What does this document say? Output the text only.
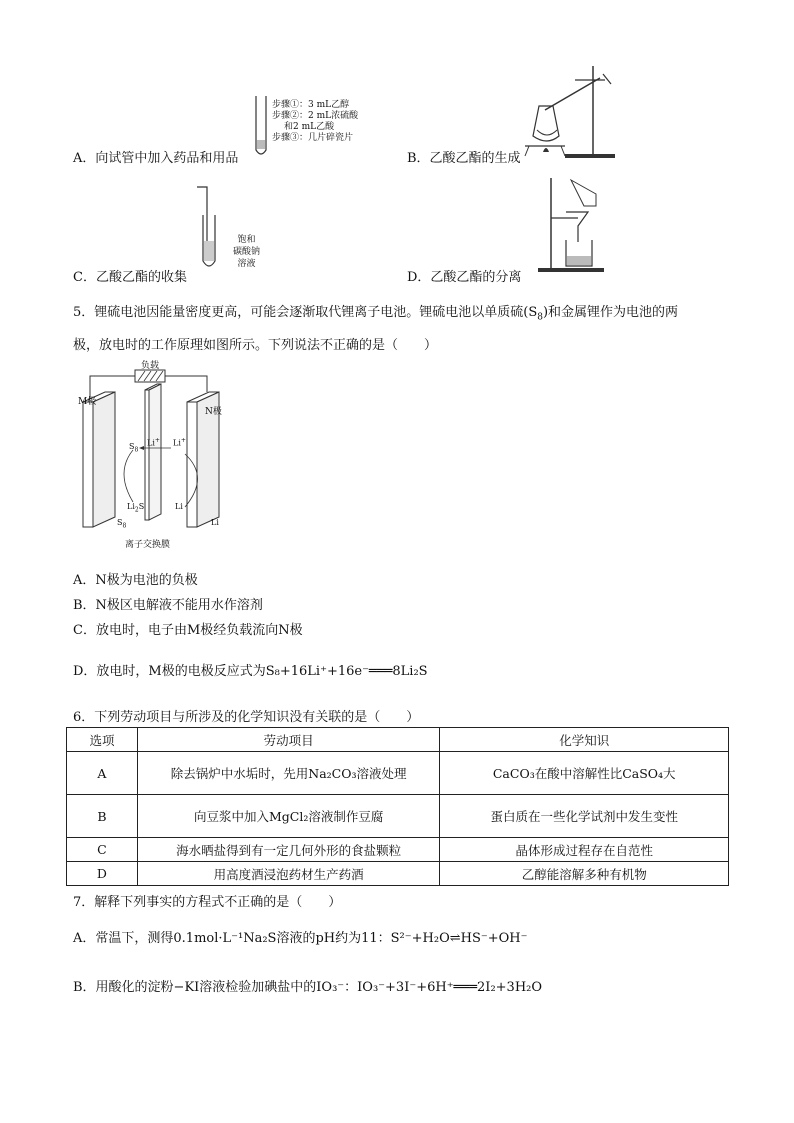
步骤①：3 mL乙醇
步骤②：2 mL浓硫酸
和2 mL乙酸
步骤③：几片碎瓷片
A．向试管中加入药品和用品	B．乙酸乙酯的生成
饱和
碳酸钠
溶液
C．乙酸乙酯的收集	D．乙酸乙酯的分离
5．锂硫电池因能量密度更高，可能会逐渐取代锂离子电池。锂硫电池以单质硫$(S_8)$和金属锂作为电池的两
极，放电时的工作原理如图所示。下列说法不正确的是（　　）
M极
N极
负载
$S_8$
Li+ Li+
$Li_2S$	Li
$S_8$	Li
离子交换膜
A．N极为电池的负极
B．N极区电解液不能用水作溶剂
C．放电时，电子由M极经负载流向N极
D．放电时，M极的电极反应式为S₈+16Li⁺+16e⁻═══8Li₂S
6．下列劳动项目与所涉及的化学知识没有关联的是（　　）
选项	劳动项目	化学知识
A	除去锅炉中水垢时，先用Na₂CO₃溶液处理	CaCO₃在酸中溶解性比CaSO₄大
B	向豆浆中加入MgCl₂溶液制作豆腐	蛋白质在一些化学试剂中发生变性
C	海水晒盐得到有一定几何外形的食盐颗粒	晶体形成过程存在自范性
D	用高度酒浸泡药材生产药酒	乙醇能溶解多种有机物
7．解释下列事实的方程式不正确的是（　　）
A．常温下，测得0.1mol·L⁻¹Na₂S溶液的pH约为11：S²⁻+H₂O⇌HS⁻+OH⁻
B．用酸化的淀粉−KI溶液检验加碘盐中的IO₃⁻：IO₃⁻+3I⁻+6H⁺═══2I₂+3H₂O
